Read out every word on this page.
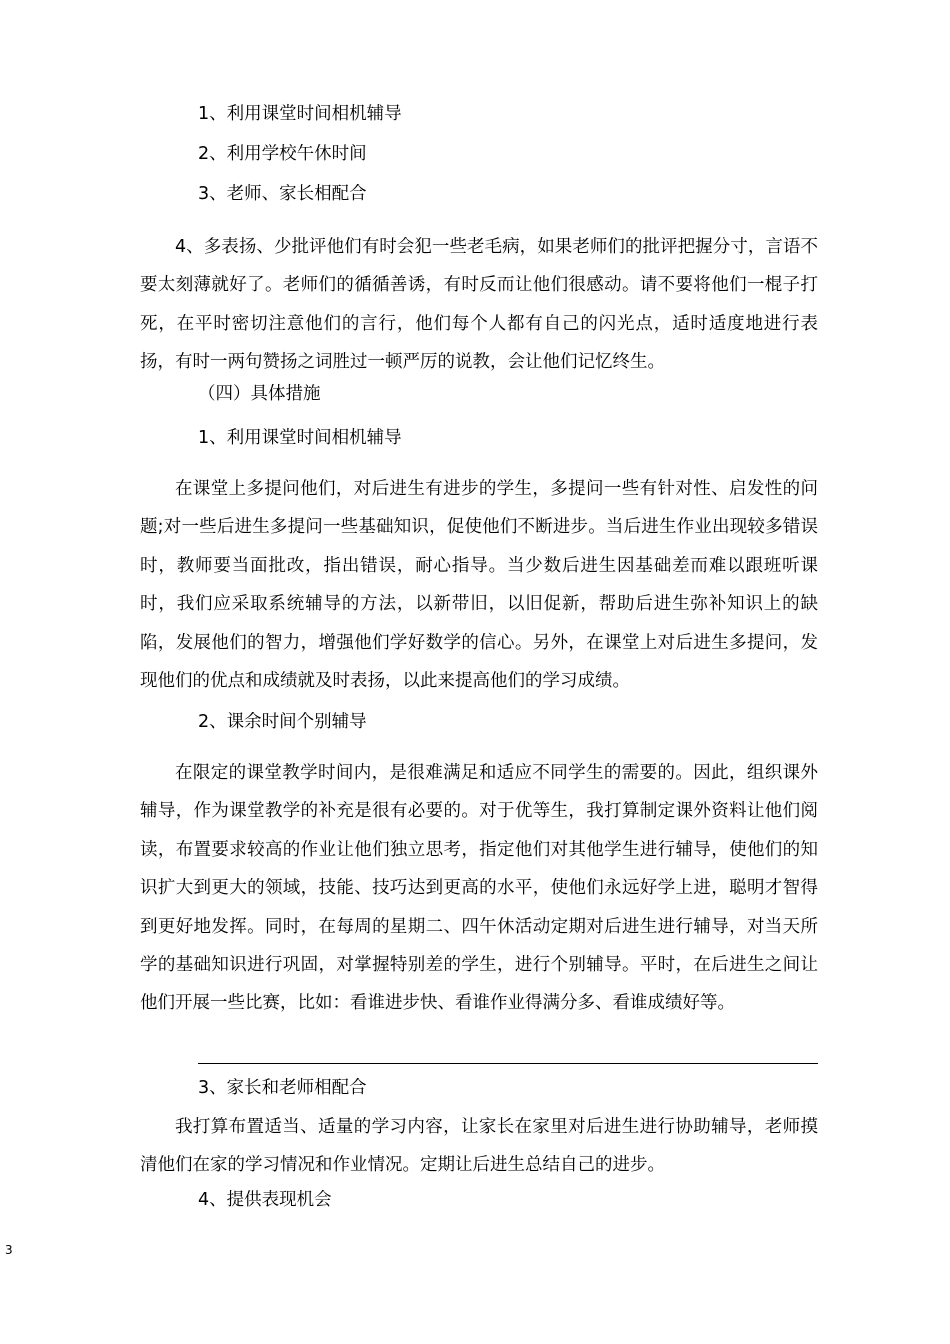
1、利用课堂时间相机辅导
2、利用学校午休时间
3、老师、家长相配合
4、多表扬、少批评他们有时会犯一些老毛病，如果老师们的批评把握分寸，言语不要太刻薄就好了。老师们的循循善诱，有时反而让他们很感动。请不要将他们一棍子打死，在平时密切注意他们的言行，他们每个人都有自己的闪光点，适时适度地进行表扬，有时一两句赞扬之词胜过一顿严厉的说教，会让他们记忆终生。
（四）具体措施
1、利用课堂时间相机辅导
在课堂上多提问他们，对后进生有进步的学生，多提问一些有针对性、启发性的问题;对一些后进生多提问一些基础知识，促使他们不断进步。当后进生作业出现较多错误时，教师要当面批改，指出错误，耐心指导。当少数后进生因基础差而难以跟班听课时，我们应采取系统辅导的方法，以新带旧，以旧促新，帮助后进生弥补知识上的缺陷，发展他们的智力，增强他们学好数学的信心。另外，在课堂上对后进生多提问，发现他们的优点和成绩就及时表扬，以此来提高他们的学习成绩。
2、课余时间个别辅导
在限定的课堂教学时间内，是很难满足和适应不同学生的需要的。因此，组织课外辅导，作为课堂教学的补充是很有必要的。对于优等生，我打算制定课外资料让他们阅读，布置要求较高的作业让他们独立思考，指定他们对其他学生进行辅导，使他们的知识扩大到更大的领域，技能、技巧达到更高的水平，使他们永远好学上进，聪明才智得到更好地发挥。同时，在每周的星期二、四午休活动定期对后进生进行辅导，对当天所学的基础知识进行巩固，对掌握特别差的学生，进行个别辅导。平时，在后进生之间让他们开展一些比赛，比如：看谁进步快、看谁作业得满分多、看谁成绩好等。
3、家长和老师相配合
我打算布置适当、适量的学习内容，让家长在家里对后进生进行协助辅导，老师摸清他们在家的学习情况和作业情况。定期让后进生总结自己的进步。
4、提供表现机会
3
